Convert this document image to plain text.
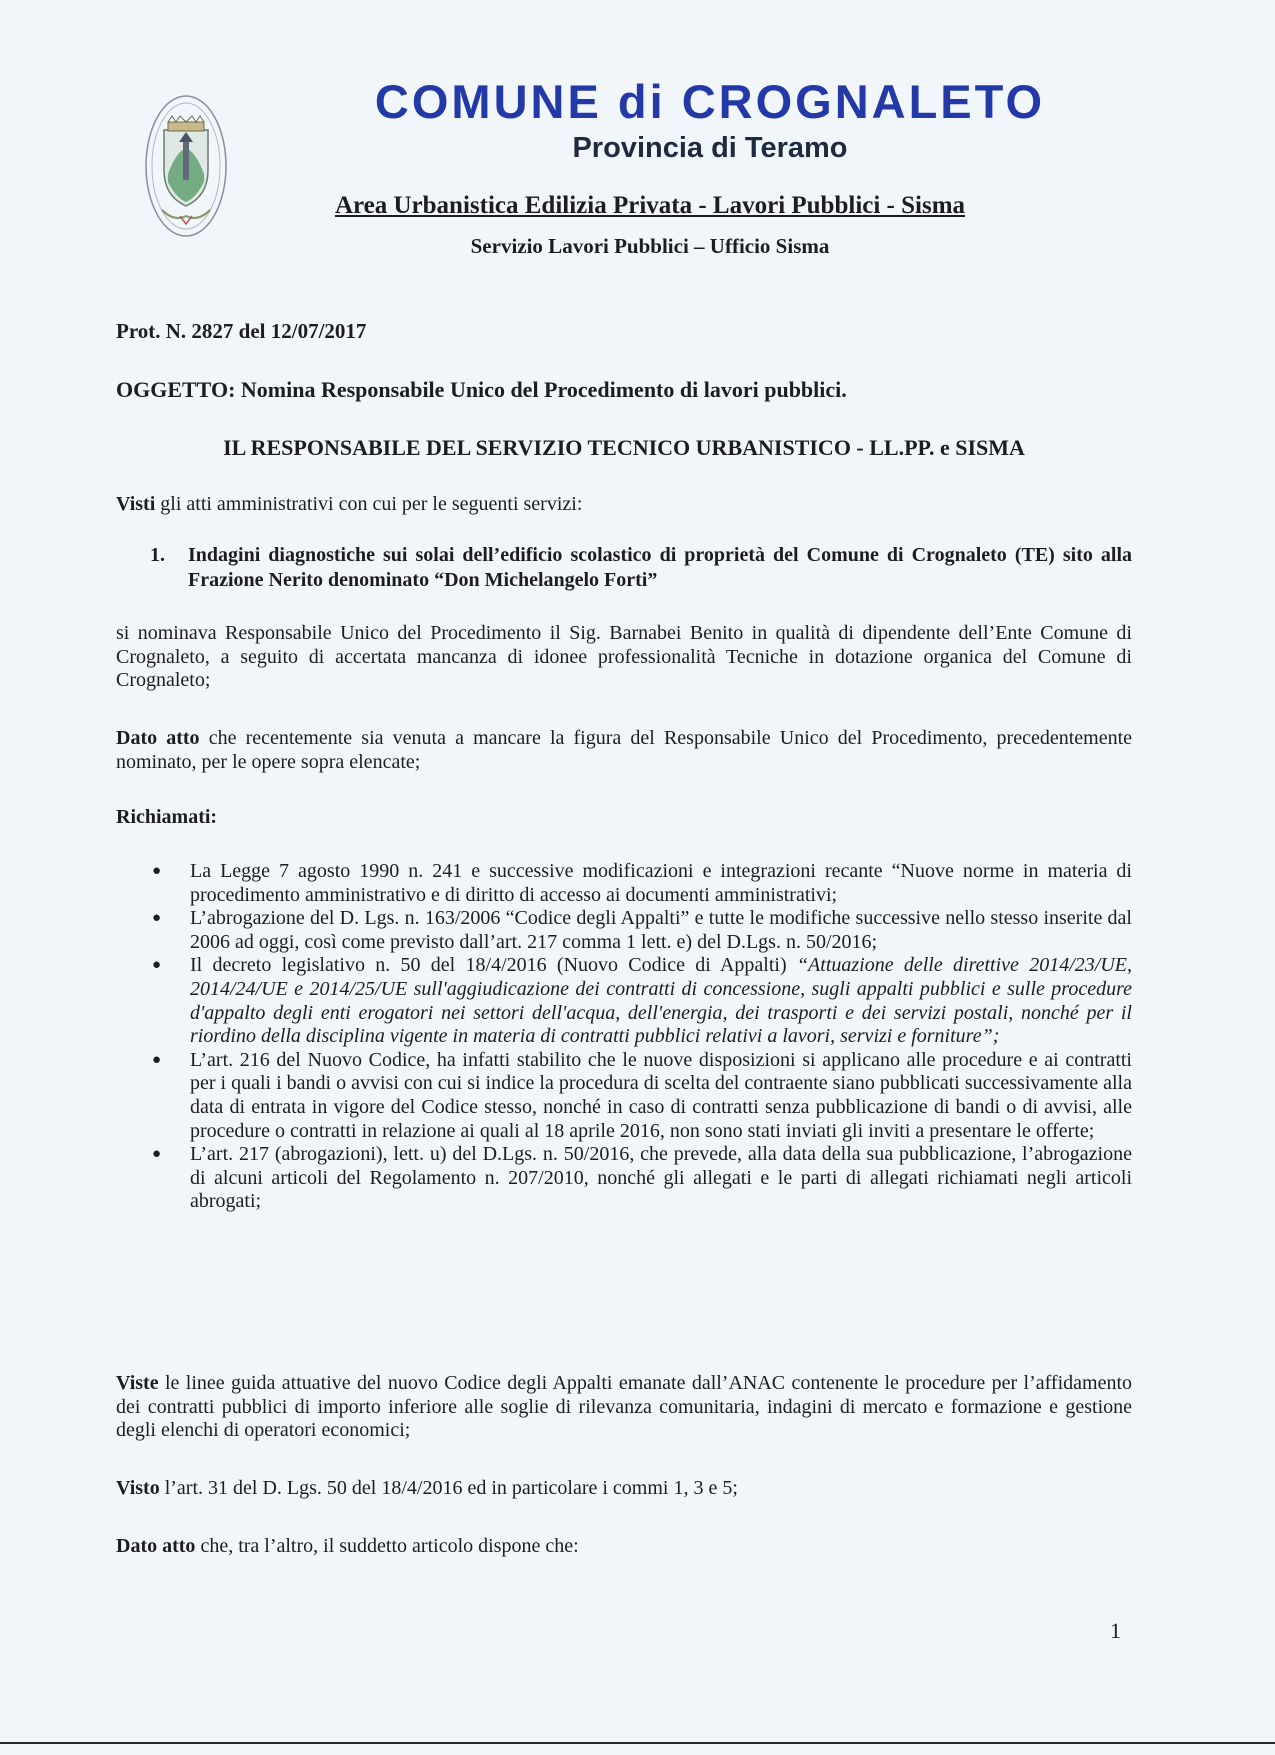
COMUNE di CROGNALETO
Provincia di Teramo
Area Urbanistica Edilizia Privata - Lavori Pubblici - Sisma
Servizio Lavori Pubblici – Ufficio Sisma
Prot. N. 2827 del 12/07/2017
OGGETTO: Nomina Responsabile Unico del Procedimento di lavori pubblici.
IL RESPONSABILE DEL SERVIZIO TECNICO URBANISTICO - LL.PP. e SISMA
Visti gli atti amministrativi con cui per le seguenti servizi:
1. Indagini diagnostiche sui solai dell’edificio scolastico di proprietà del Comune di Crognaleto (TE) sito alla Frazione Nerito denominato “Don Michelangelo Forti”
si nominava Responsabile Unico del Procedimento il Sig. Barnabei Benito in qualità di dipendente dell’Ente Comune di Crognaleto, a seguito di accertata mancanza di idonee professionalità Tecniche in dotazione organica del Comune di Crognaleto;
Dato atto che recentemente sia venuta a mancare la figura del Responsabile Unico del Procedimento, precedentemente nominato, per le opere sopra elencate;
Richiamati:
● La Legge 7 agosto 1990 n. 241 e successive modificazioni e integrazioni recante “Nuove norme in materia di procedimento amministrativo e di diritto di accesso ai documenti amministrativi;
● L’abrogazione del D. Lgs. n. 163/2006 “Codice degli Appalti” e tutte le modifiche successive nello stesso inserite dal 2006 ad oggi, così come previsto dall’art. 217 comma 1 lett. e) del D.Lgs. n. 50/2016;
● Il decreto legislativo n. 50 del 18/4/2016 (Nuovo Codice di Appalti) “Attuazione delle direttive 2014/23/UE, 2014/24/UE e 2014/25/UE sull'aggiudicazione dei contratti di concessione, sugli appalti pubblici e sulle procedure d'appalto degli enti erogatori nei settori dell'acqua, dell'energia, dei trasporti e dei servizi postali, nonché per il riordino della disciplina vigente in materia di contratti pubblici relativi a lavori, servizi e forniture”;
● L’art. 216 del Nuovo Codice, ha infatti stabilito che le nuove disposizioni si applicano alle procedure e ai contratti per i quali i bandi o avvisi con cui si indice la procedura di scelta del contraente siano pubblicati successivamente alla data di entrata in vigore del Codice stesso, nonché in caso di contratti senza pubblicazione di bandi o di avvisi, alle procedure o contratti in relazione ai quali al 18 aprile 2016, non sono stati inviati gli inviti a presentare le offerte;
● L’art. 217 (abrogazioni), lett. u) del D.Lgs. n. 50/2016, che prevede, alla data della sua pubblicazione, l’abrogazione di alcuni articoli del Regolamento n. 207/2010, nonché gli allegati e le parti di allegati richiamati negli articoli abrogati;
Viste le linee guida attuative del nuovo Codice degli Appalti emanate dall’ANAC contenente le procedure per l’affidamento dei contratti pubblici di importo inferiore alle soglie di rilevanza comunitaria, indagini di mercato e formazione e gestione degli elenchi di operatori economici;
Visto l’art. 31 del D. Lgs. 50 del 18/4/2016 ed in particolare i commi 1, 3 e 5;
Dato atto che, tra l’altro, il suddetto articolo dispone che:
1
